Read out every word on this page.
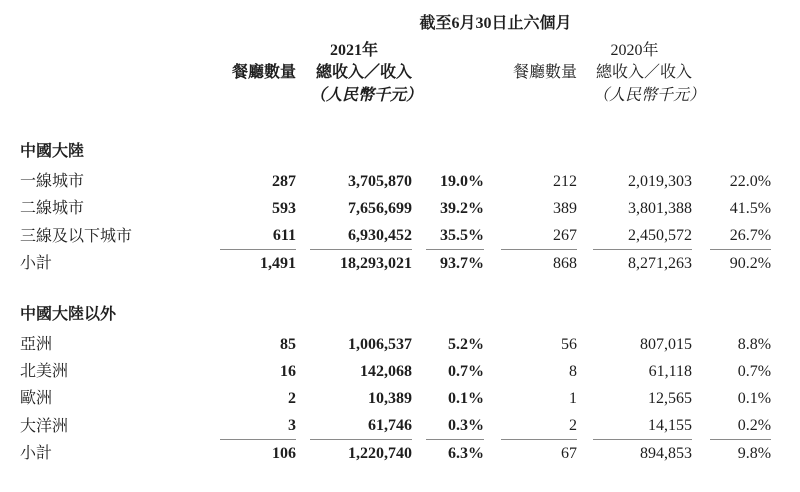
	截至6月30日止六個月										
		2021年						2020年			
	餐廳數量		總收入／收入				餐廳數量		總收入／收入		
			（人民幣千元）						（人民幣千元）		
中國大陸											
一線城市	287		3,705,870		19.0%		212		2,019,303		22.0%
二線城市	593		7,656,699		39.2%		389		3,801,388		41.5%
三線及以下城市	611		6,930,452		35.5%		267		2,450,572		26.7%
小計	1,491		18,293,021		93.7%		868		8,271,263		90.2%
中國大陸以外											
亞洲	85		1,006,537		5.2%		56		807,015		8.8%
北美洲	16		142,068		0.7%		8		61,118		0.7%
歐洲	2		10,389		0.1%		1		12,565		0.1%
大洋洲	3		61,746		0.3%		2		14,155		0.2%
小計	106		1,220,740		6.3%		67		894,853		9.8%
